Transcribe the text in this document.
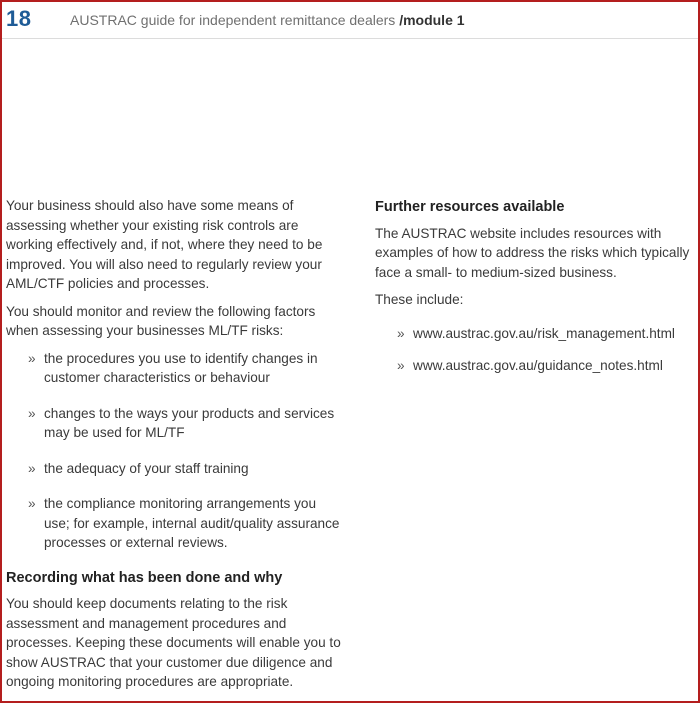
18	AUSTRAC guide for independent remittance dealers /module 1

Your business should also have some means of assessing whether your existing risk controls are working effectively and, if not, where they need to be improved. You will also need to regularly review your AML/CTF policies and processes.

You should monitor and review the following factors when assessing your businesses ML/TF risks:

» the procedures you use to identify changes in customer characteristics or behaviour
» changes to the ways your products and services may be used for ML/TF
» the adequacy of your staff training
» the compliance monitoring arrangements you use; for example, internal audit/quality assurance processes or external reviews.
Recording what has been done and why

You should keep documents relating to the risk assessment and management procedures and processes. Keeping these documents will enable you to show AUSTRAC that your customer due diligence and ongoing monitoring procedures are appropriate.

Further resources available

The AUSTRAC website includes resources with examples of how to address the risks which typically face a small- to medium-sized business.

These include:

» www.austrac.gov.au/risk_management.html
» www.austrac.gov.au/guidance_notes.html
